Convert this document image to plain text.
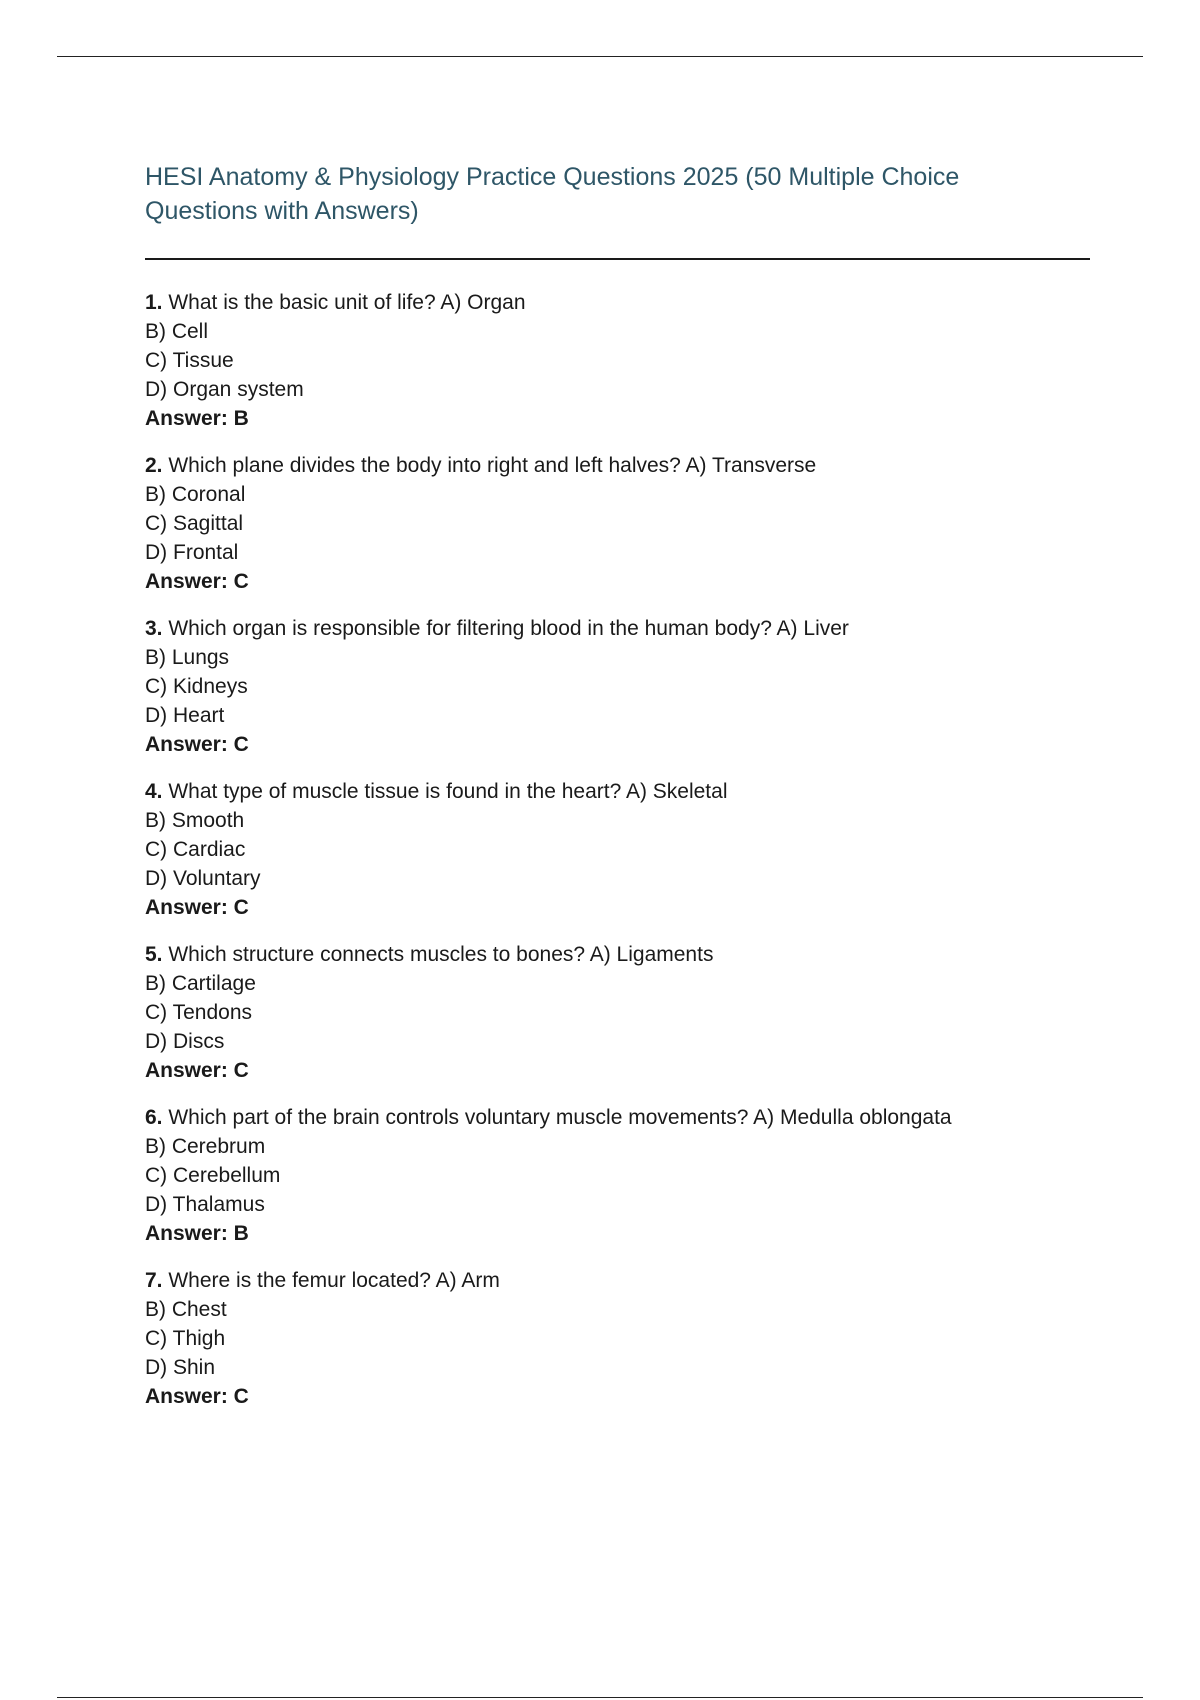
HESI Anatomy & Physiology Practice Questions 2025 (50 Multiple Choice Questions with Answers)
1. What is the basic unit of life? A) Organ
B) Cell
C) Tissue
D) Organ system
Answer: B
2. Which plane divides the body into right and left halves? A) Transverse
B) Coronal
C) Sagittal
D) Frontal
Answer: C
3. Which organ is responsible for filtering blood in the human body? A) Liver
B) Lungs
C) Kidneys
D) Heart
Answer: C
4. What type of muscle tissue is found in the heart? A) Skeletal
B) Smooth
C) Cardiac
D) Voluntary
Answer: C
5. Which structure connects muscles to bones? A) Ligaments
B) Cartilage
C) Tendons
D) Discs
Answer: C
6. Which part of the brain controls voluntary muscle movements? A) Medulla oblongata
B) Cerebrum
C) Cerebellum
D) Thalamus
Answer: B
7. Where is the femur located? A) Arm
B) Chest
C) Thigh
D) Shin
Answer: C
